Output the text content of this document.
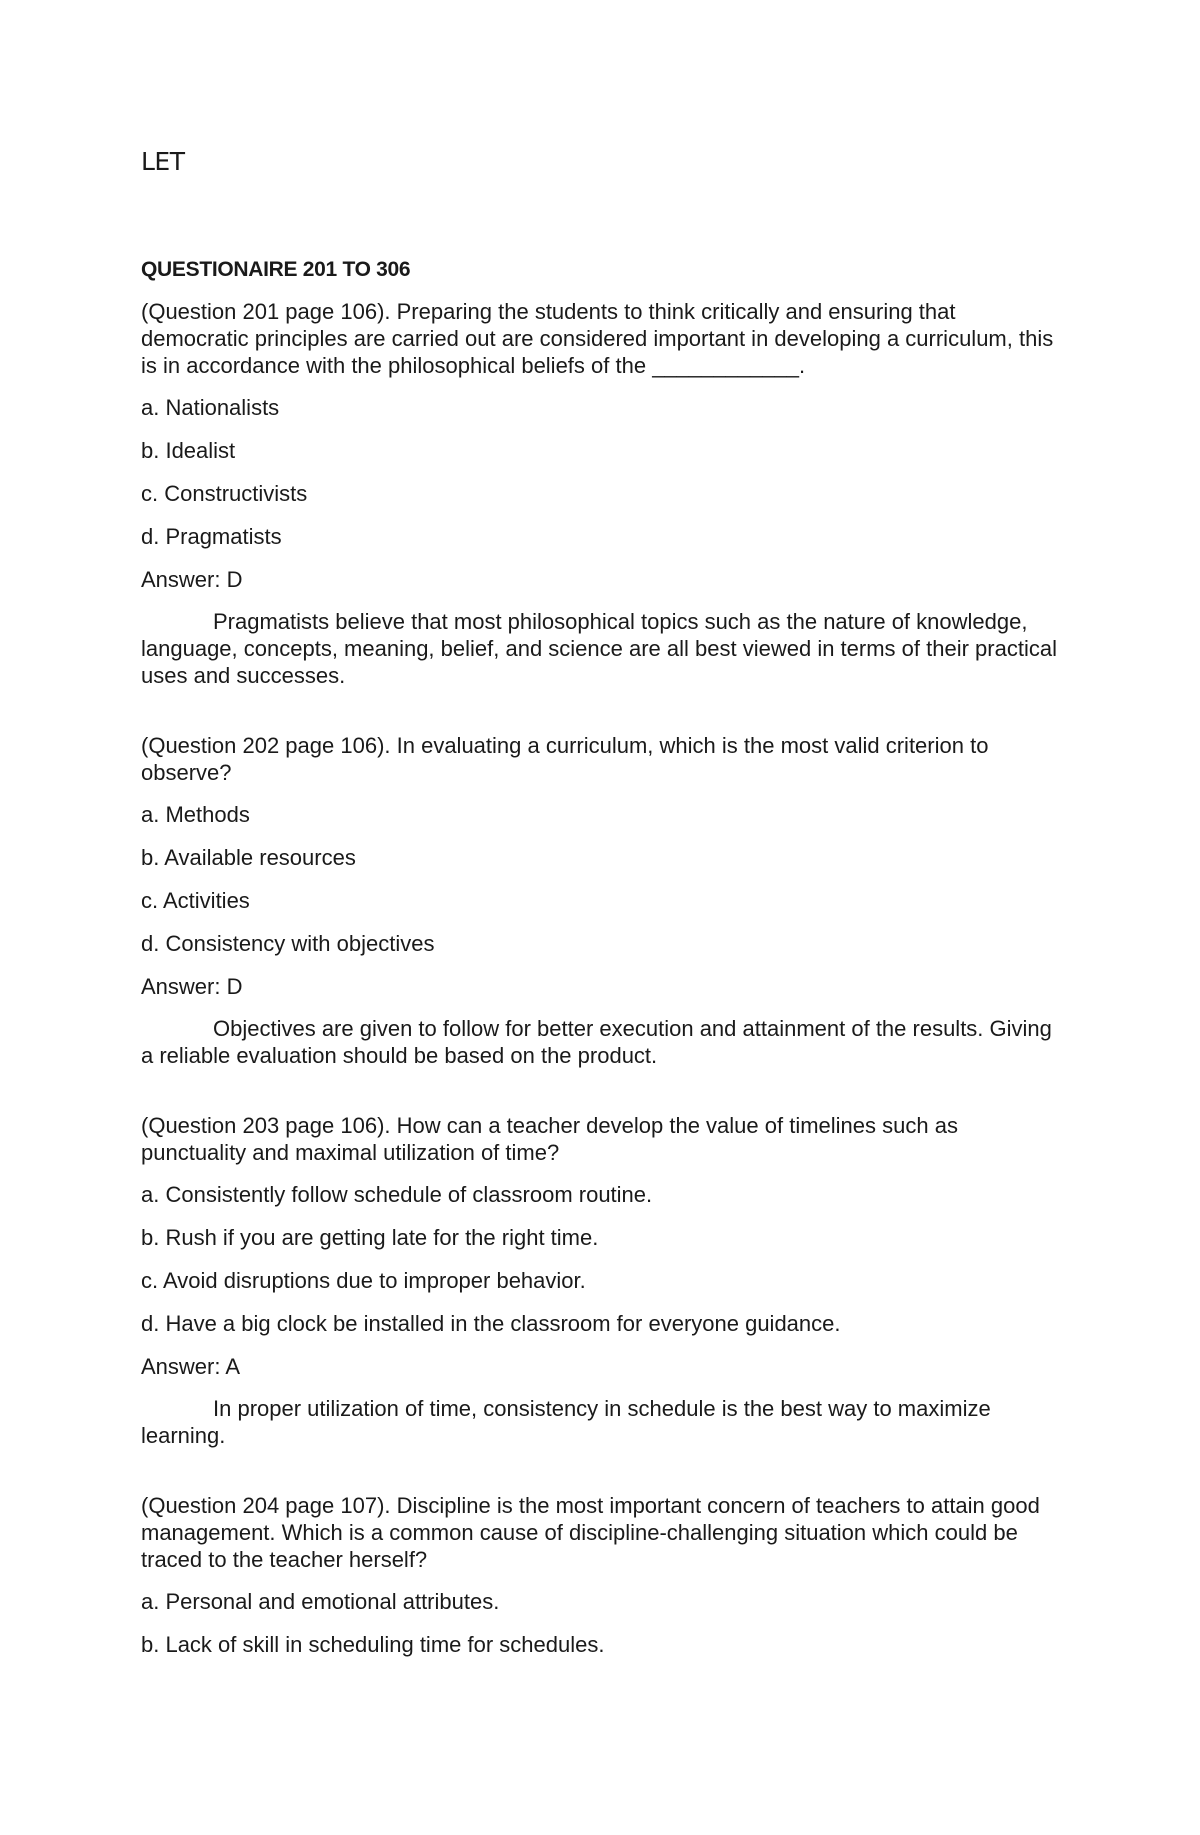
LET
QUESTIONAIRE 201 TO 306

(Question 201 page 106). Preparing the students to think critically and ensuring that democratic principles are carried out are considered important in developing a curriculum, this is in accordance with the philosophical beliefs of the ____________.

a. Nationalists

b. Idealist

c. Constructivists

d. Pragmatists

Answer: D

Pragmatists believe that most philosophical topics such as the nature of knowledge, language, concepts, meaning, belief, and science are all best viewed in terms of their practical uses and successes.

(Question 202 page 106). In evaluating a curriculum, which is the most valid criterion to observe?

a. Methods

b. Available resources

c. Activities

d. Consistency with objectives

Answer: D

Objectives are given to follow for better execution and attainment of the results. Giving a reliable evaluation should be based on the product.

(Question 203 page 106). How can a teacher develop the value of timelines such as punctuality and maximal utilization of time?

a. Consistently follow schedule of classroom routine.

b. Rush if you are getting late for the right time.

c. Avoid disruptions due to improper behavior.

d. Have a big clock be installed in the classroom for everyone guidance.

Answer: A

In proper utilization of time, consistency in schedule is the best way to maximize learning.

(Question 204 page 107). Discipline is the most important concern of teachers to attain good management. Which is a common cause of discipline-challenging situation which could be traced to the teacher herself?

a. Personal and emotional attributes.

b. Lack of skill in scheduling time for schedules.
